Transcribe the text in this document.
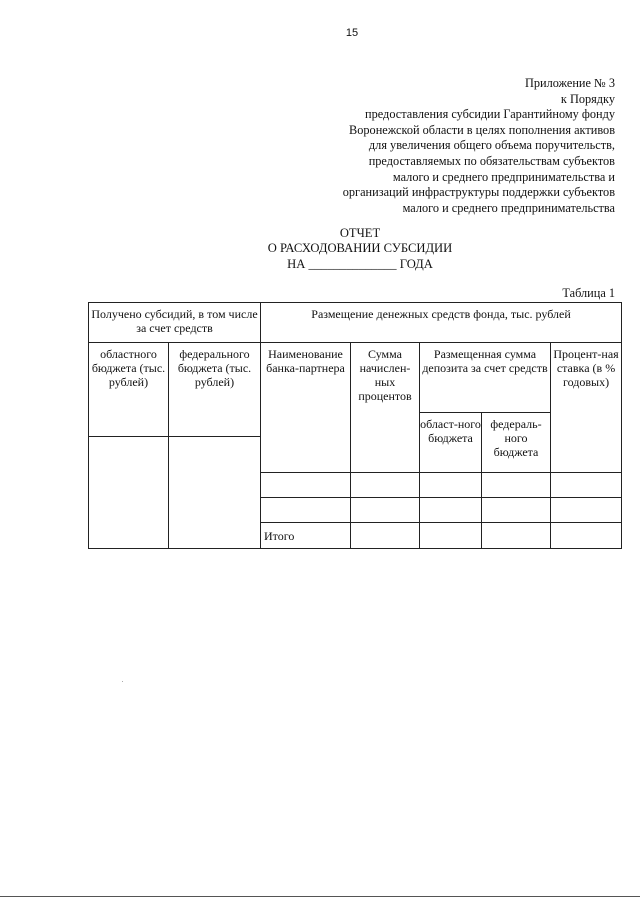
15
Приложение № 3
к Порядку
предоставления субсидии Гарантийному фонду
Воронежской области в целях пополнения активов
для увеличения общего объема поручительств,
предоставляемых по обязательствам субъектов
малого и среднего предпринимательства и
организаций инфраструктуры поддержки субъектов
малого и среднего предпринимательства
ОТЧЕТ
О РАСХОДОВАНИИ СУБСИДИИ
НА ______________ ГОДА
Таблица 1
Получено субсидий, в том числе за счет средств		Размещение денежных средств фонда, тыс. рублей				
областного бюджета (тыс. рублей)	федерального бюджета (тыс. рублей)	Наименование банка-партнера	Сумма начислен-ных процентов	Размещенная сумма депозита за счет средств		Процент-ная ставка (в % годовых)
				област-ного бюджета	федераль-ного бюджета	

		Итого				
